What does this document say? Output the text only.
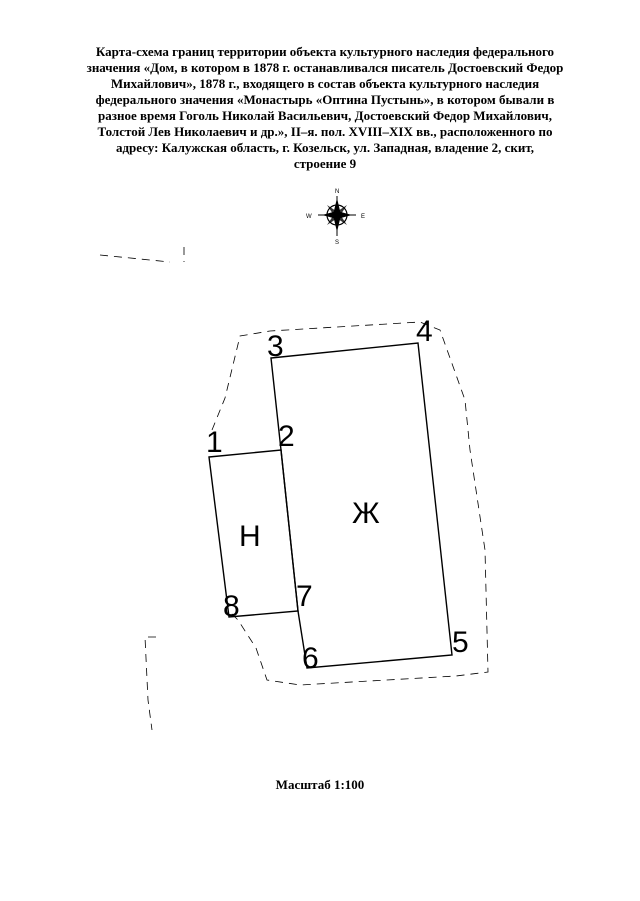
Карта-схема границ территории объекта культурного наследия федерального
значения «Дом, в котором в 1878 г. останавливался писатель Достоевский Федор
Михайлович», 1878 г., входящего в состав объекта культурного наследия
федерального значения «Монастырь «Оптина Пустынь», в котором бывали в
разное время Гоголь Николай Васильевич, Достоевский Федор Михайлович,
Толстой Лев Николаевич и др.», II–я. пол. XVIII–XIX вв., расположенного по
адресу: Калужская область, г. Козельск, ул. Западная, владение 2, скит,
строение 9
N
S
E
W
Ж
Н
1 2
3	4
5
6
7
8
Масштаб 1:100
